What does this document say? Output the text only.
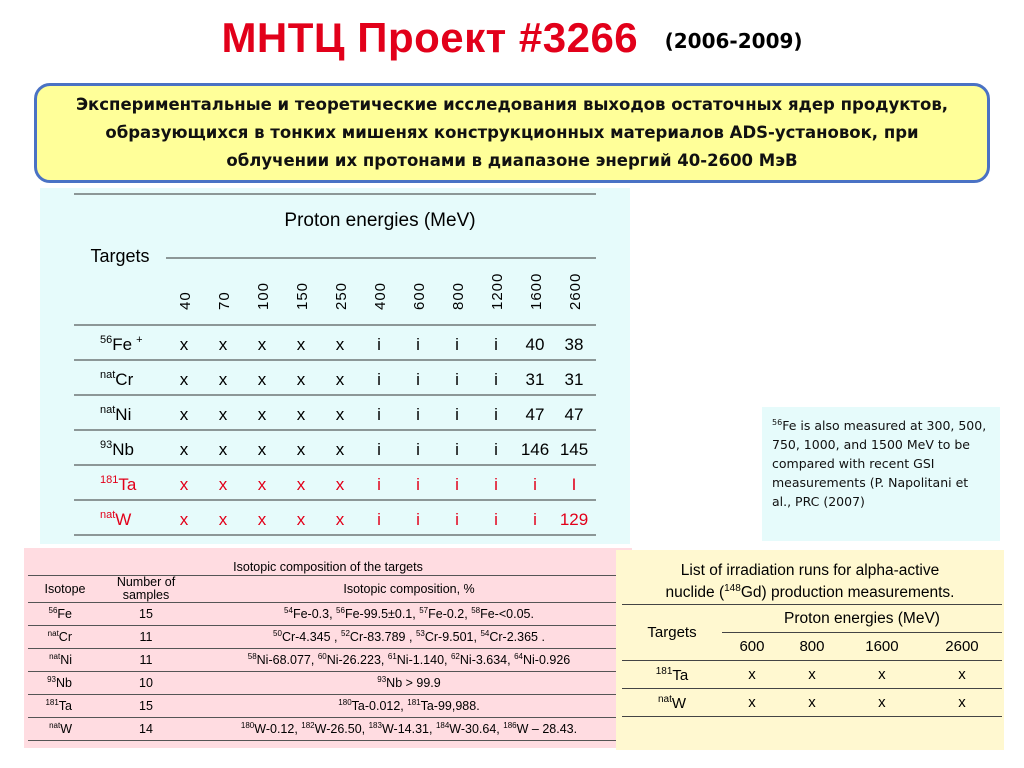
МНТЦ Проект #3266 (2006-2009)
Экспериментальные и теоретические исследования выходов остаточных ядер продуктов, образующихся в тонких мишенях конструкционных материалов ADS-установок, при облучении их протонами в диапазоне энергий 40-2600 МэВ
Proton energies (MeV)
Targets
40 70 100 150 250 400 600 800 1200 1600 2600
$^{56}$Fe + x x x x x i i i i 40 38
$^{nat}$Cr	x x x x x i i i i 31 31
$^{nat}$Ni	x x x x x i i i i 47 47
$^{93}$Nb	x x x x x i i i i 146 145
$^{181}$Ta	x x x x x i i i i i I
$^{nat}$W	x x x x x i i i i i 129
$^{56}$Fe is also measured at 300, 500, 750, 1000, and 1500 MeV to be compared with recent GSI measurements (P. Napolitani et al., PRC (2007)
Isotopic composition of the targets		
Isotope	Number of samples	Isotopic composition, %
$^{56}$Fe	15	$^{54}$Fe-0.3, $^{56}$Fe-99.5±0.1, $^{57}$Fe-0.2, $^{58}$Fe-<0.05.
$^{nat}$Cr	11	$^{50}$Cr-4.345 , $^{52}$Cr-83.789 , $^{53}$Cr-9.501, $^{54}$Cr-2.365 .
$^{nat}$Ni	11	$^{58}$Ni-68.077, $^{60}$Ni-26.223, $^{61}$Ni-1.140, $^{62}$Ni-3.634, $^{64}$Ni-0.926
$^{93}$Nb	10	$^{93}$Nb > 99.9
$^{181}$Ta	15	$^{180}$Ta-0.012, $^{181}$Ta-99,988.
$^{nat}$W	14	$^{180}$W-0.12, $^{182}$W-26.50, $^{183}$W-14.31, $^{184}$W-30.64, $^{186}$W – 28.43.
List of irradiation runs for alpha-active
nuclide ($^{148}$Gd) production measurements.
Targets	Proton energies (MeV)			
	600	800	1600	2600
$^{181}$Ta	x	x	x	x
$^{nat}$W	x	x	x	x
